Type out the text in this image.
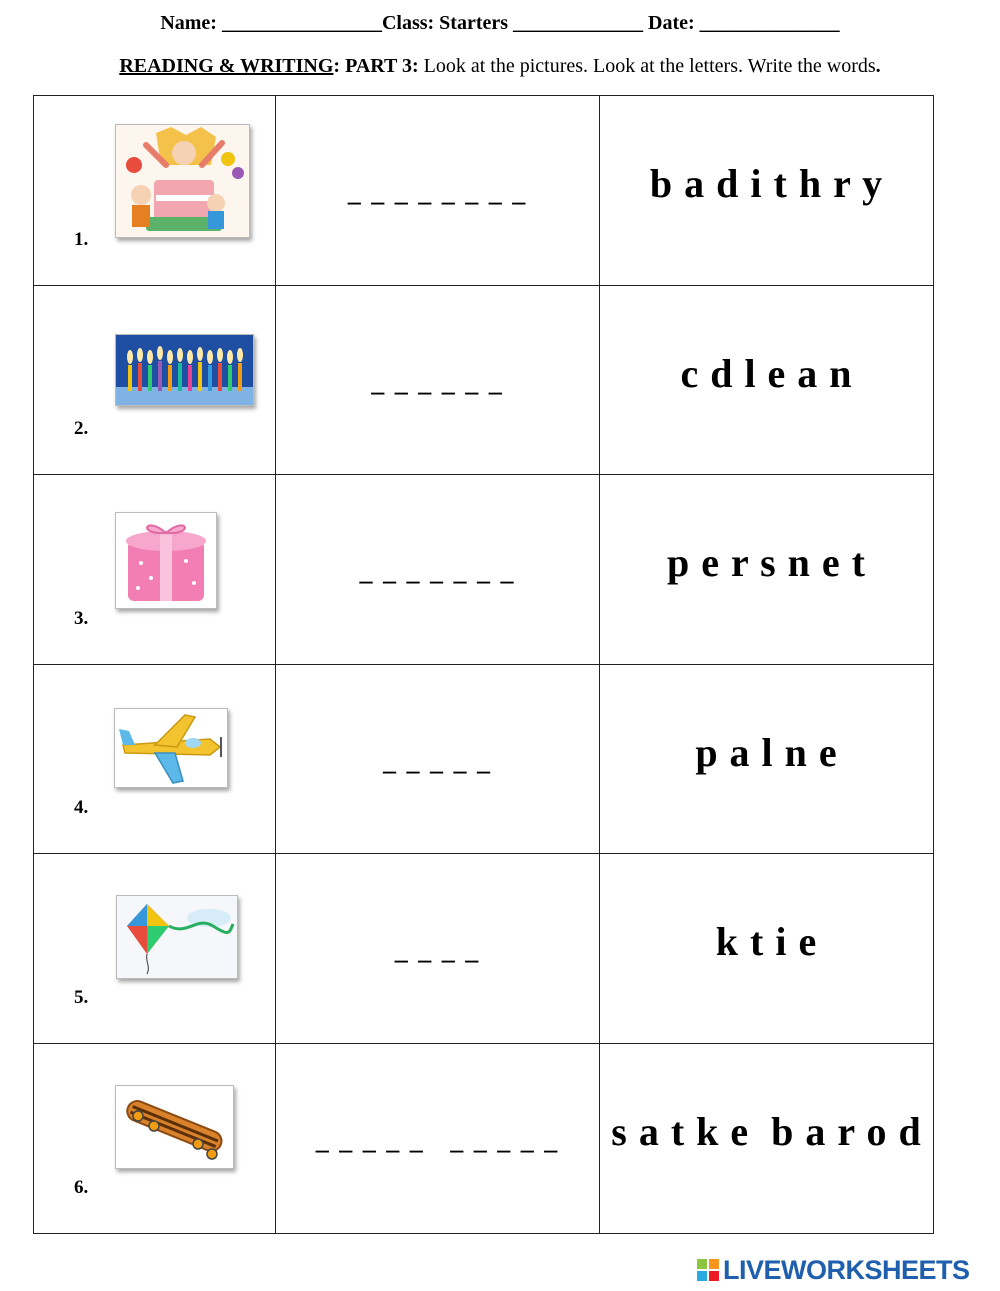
Name: ________________Class: Starters _____________ Date: ______________
READING & WRITING: PART 3: Look at the pictures. Look at the letters. Write the words.
1.	_ _ _ _ _ _ _ _	b a d i t h r y

2.	_ _ _ _ _ _	c d l e a n

3.	_ _ _ _ _ _ _	p e r s n e t

4.	_ _ _ _ _	p a l n e

5.	_ _ _ _	k t i e

6.	_ _ _ _ _   _ _ _ _ _	s a t k e  b a r o d
LIVEWORKSHEETS
